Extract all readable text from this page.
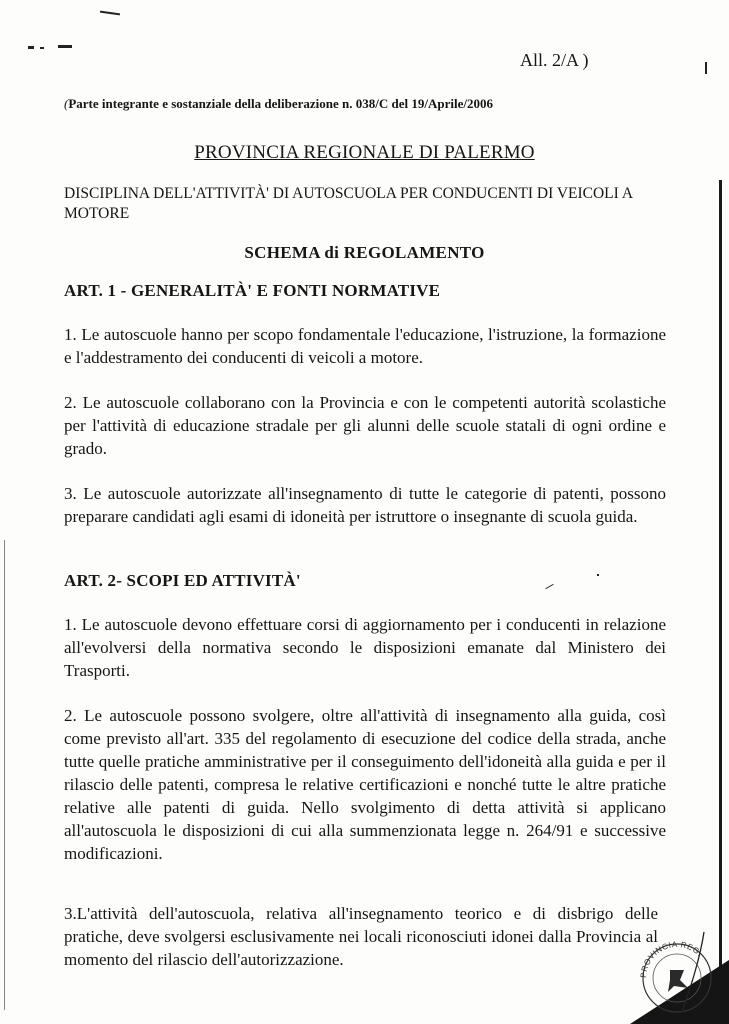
All. 2/A )
(Parte integrante e sostanziale della deliberazione n. 038/C del 19/Aprile/2006
PROVINCIA REGIONALE DI PALERMO
DISCIPLINA DELL'ATTIVITÀ' DI AUTOSCUOLA PER CONDUCENTI DI VEICOLI A MOTORE
SCHEMA di REGOLAMENTO
ART. 1 - GENERALITÀ' E FONTI NORMATIVE
1. Le autoscuole hanno per scopo fondamentale l'educazione, l'istruzione, la formazione e l'addestramento dei conducenti di veicoli a motore.
2. Le autoscuole collaborano con la Provincia e con le competenti autorità scolastiche per l'attività di educazione stradale per gli alunni delle scuole statali di ogni ordine e grado.
3. Le autoscuole autorizzate all'insegnamento di tutte le categorie di patenti, possono preparare candidati agli esami di idoneità per istruttore o insegnante di scuola guida.
ART. 2- SCOPI ED ATTIVITÀ'
1. Le autoscuole devono effettuare corsi di aggiornamento per i conducenti in relazione all'evolversi della normativa secondo le disposizioni emanate dal Ministero dei Trasporti.
2. Le autoscuole possono svolgere, oltre all'attività di insegnamento alla guida, così come previsto all'art. 335 del regolamento di esecuzione del codice della strada, anche tutte quelle pratiche amministrative per il conseguimento dell'idoneità alla guida e per il rilascio delle patenti, compresa le relative certificazioni e nonché tutte le altre pratiche relative alle patenti di guida. Nello svolgimento di detta attività si applicano all'autoscuola le disposizioni di cui alla summenzionata legge n. 264/91 e successive modificazioni.
3.L'attività dell'autoscuola, relativa all'insegnamento teorico e di disbrigo delle pratiche, deve svolgersi esclusivamente nei locali riconosciuti idonei dalla Provincia al momento del rilascio dell'autorizzazione.
PROVINCIA REG.
